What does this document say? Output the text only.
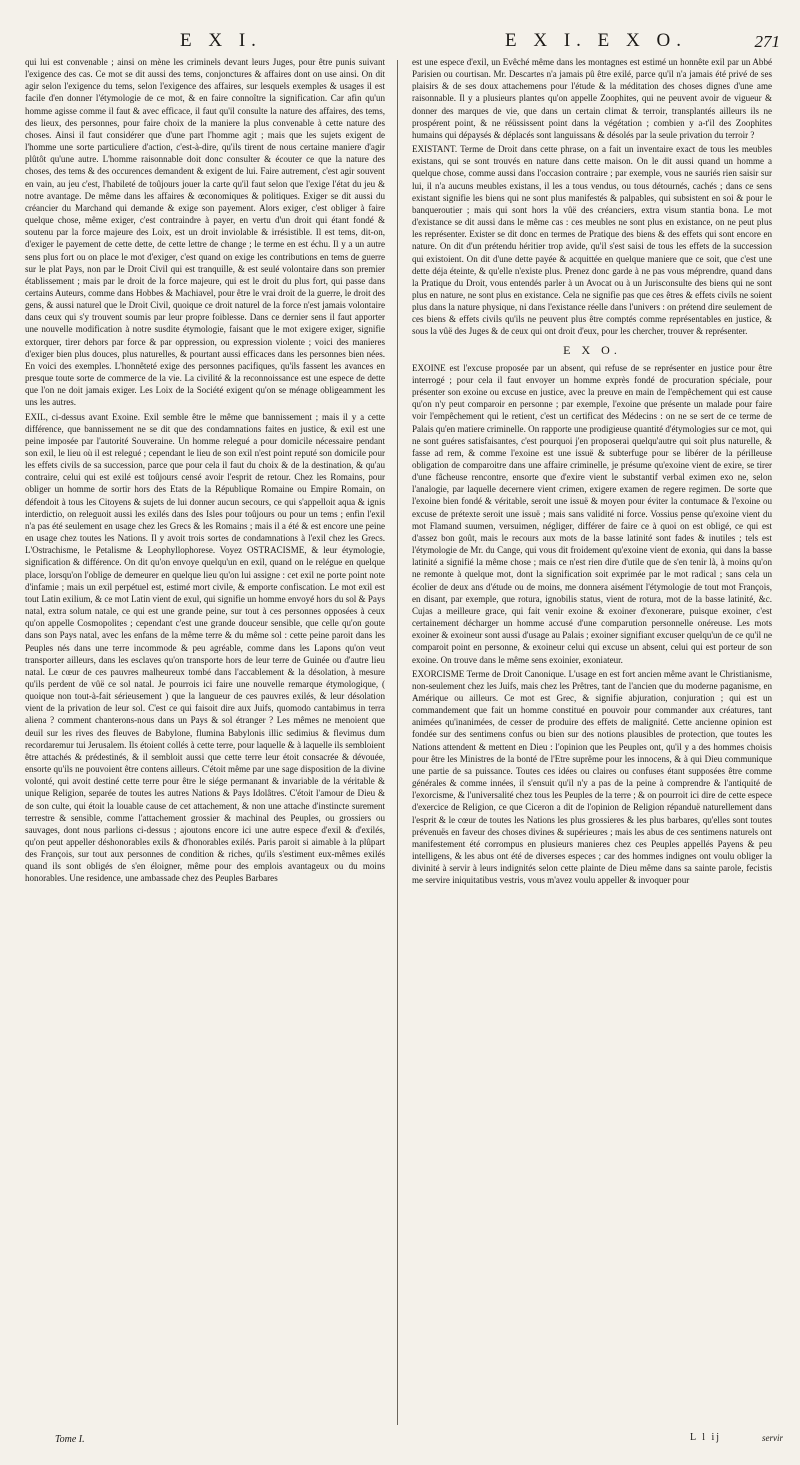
E X I.	E X I. E X O.	271

qui lui est convenable ; ainsi on mène les criminels devant leurs Juges, pour être punis suivant l'exigence des cas. Ce mot se dit aussi des tems, conjonctures & affaires dont on use ainsi. On dit agir selon l'exigence du tems, selon l'exigence des affaires, sur lesquels exemples & usages il est facile d'en donner l'étymologie de ce mot, & en faire connoître la signification. Car afin qu'un homme agisse comme il faut & avec efficace, il faut qu'il consulte la nature des affaires, des tems, des lieux, des personnes, pour faire choix de la maniere la plus convenable à cette nature des choses. Ainsi il faut considérer que d'une part l'homme agit ; mais que les sujets exigent de l'homme une sorte particuliere d'action, c'est-à-dire, qu'ils tirent de nous certaine maniere d'agir plûtôt qu'une autre. L'homme raisonnable doit donc consulter & écouter ce que la nature des choses, des tems & des occurences demandent & exigent de lui. Faire autrement, c'est agir souvent en vain, au jeu c'est, l'habileté de toûjours jouer la carte qu'il faut selon que l'exige l'état du jeu & notre avantage. De même dans les affaires & œconomiques & politiques. Exiger se dit aussi du créancier du Marchand qui demande & exige son payement. Alors exiger, c'est obliger à faire quelque chose, même exiger, c'est contraindre à payer, en vertu d'un droit qui étant fondé & soutenu par la force majeure des Loix, est un droit inviolable & irrésistible. Il est tems, dit-on, d'exiger le payement de cette dette, de cette lettre de change ; le terme en est échu. Il y a un autre sens plus fort ou on place le mot d'exiger, c'est quand on exige les contributions en tems de guerre sur le plat Pays, non par le Droit Civil qui est tranquille, & est seulé volontaire dans son premier établissement ; mais par le droit de la force majeure, qui est le droit du plus fort, qui passe dans certains Auteurs, comme dans Hobbes & Machiavel, pour être le vrai droit de la guerre, le droit des gens, & aussi naturel que le Droit Civil, quoique ce droit naturel de la force n'est jamais volontaire dans ceux qui s'y trouvent soumis par leur propre foiblesse. Dans ce dernier sens il faut apporter une nouvelle modification à notre susdite étymologie, faisant que le mot exigere exiger, signifie extorquer, tirer dehors par force & par oppression, ou expression violente ; voici des manieres d'exiger bien plus douces, plus naturelles, & pourtant aussi efficaces dans les personnes bien nées. En voici des exemples. L'honnêteté exige des personnes pacifiques, qu'ils fassent les avances en presque toute sorte de commerce de la vie. La civilité & la reconnoissance est une espece de dette que l'on ne doit jamais exiger. Les Loix de la Société exigent qu'on se ménage obligeamment les uns les autres.

EXIL, ci-dessus avant Exoine. Exil semble être le même que bannissement ; mais il y a cette différence, que bannissement ne se dit que des condamnations faites en justice, & exil est une peine imposée par l'autorité Souveraine. Un homme relegué a pour domicile nécessaire pendant son exil, le lieu où il est relegué ; cependant le lieu de son exil n'est point reputé son domicile pour les effets civils de sa succession, parce que pour cela il faut du choix & de la destination, & qu'au contraire, celui qui est exilé est toûjours censé avoir l'esprit de retour. Chez les Romains, pour obliger un homme de sortir hors des Etats de la République Romaine ou Empire Romain, on défendoit à tous les Citoyens & sujets de lui donner aucun secours, ce qui s'appelloit aqua & ignis interdictio, on releguoit aussi les exilés dans des Isles pour toûjours ou pour un tems ; enfin l'exil n'a pas été seulement en usage chez les Grecs & les Romains ; mais il a été & est encore une peine en usage chez toutes les Nations. Il y avoit trois sortes de condamnations à l'exil chez les Grecs. L'Ostrachisme, le Petalisme & Leophyllophorese. Voyez OSTRACISME, & leur étymologie, signification & différence. On dit qu'on envoye quelqu'un en exil, quand on le relégue en quelque place, lorsqu'on l'oblige de demeurer en quelque lieu qu'on lui assigne : cet exil ne porte point note d'infamie ; mais un exil perpétuel est, estimé mort civile, & emporte confiscation. Le mot exil est tout Latin exilium, & ce mot Latin vient de exul, qui signifie un homme envoyé hors du sol & Pays natal, extra solum natale, ce qui est une grande peine, sur tout à ces personnes opposées à ceux qu'on appelle Cosmopolites ; cependant c'est une grande douceur sensible, que celle qu'on goute dans son Pays natal, avec les enfans de la même terre & du même sol : cette peine paroit dans les Peuples nés dans une terre incommode & peu agréable, comme dans les Lapons qu'on veut transporter ailleurs, dans les esclaves qu'on transporte hors de leur terre de Guinée ou d'autre lieu natal. Le cœur de ces pauvres malheureux tombé dans l'accablement & la désolation, à mesure qu'ils perdent de vûë ce sol natal. Je pourrois ici faire une nouvelle remarque étymologique, ( quoique non tout-à-fait sérieusement ) que la langueur de ces pauvres exilés, & leur désolation vient de la privation de leur sol. C'est ce qui faisoit dire aux Juifs, quomodo cantabimus in terra aliena ? comment chanterons-nous dans un Pays & sol étranger ? Les mêmes ne menoient que deuil sur les rives des fleuves de Babylone, flumina Babylonis illic sedimius & flevimus dum recordaremur tui Jerusalem. Ils étoient collés à cette terre, pour laquelle & à laquelle ils sembloient être attachés & prédestinés, & il sembloit aussi que cette terre leur étoit consacrée & dévouée, ensorte qu'ils ne pouvoient être contens ailleurs. C'étoit même par une sage disposition de la divine volonté, qui avoit destiné cette terre pour être le siége permanant & invariable de la véritable & unique Religion, separée de toutes les autres Nations & Pays Idolâtres. C'étoit l'amour de Dieu & de son culte, qui étoit la louable cause de cet attachement, & non une attache d'instincte surement terrestre & sensible, comme l'attachement grossier & machinal des Peuples, ou grossiers ou sauvages, dont nous parlions ci-dessus ; ajoutons encore ici une autre espece d'exil & d'exilés, qu'on peut appeller déshonorables exils & d'honorables exilés. Paris paroit si aimable à la plûpart des François, sur tout aux personnes de condition & riches, qu'ils s'estiment eux-mêmes exilés quand ils sont obligés de s'en éloigner, même pour des emplois avantageux ou du moins honorables. Une residence, une ambassade chez des Peuples Barbares

est une espece d'exil, un Evêché même dans les montagnes est estimé un honnête exil par un Abbé Parisien ou courtisan. Mr. Descartes n'a jamais pû être exilé, parce qu'il n'a jamais été privé de ses plaisirs & de ses doux attachemens pour l'étude & la méditation des choses dignes d'une ame raisonnable. Il y a plusieurs plantes qu'on appelle Zoophites, qui ne peuvent avoir de vigueur & donner des marques de vie, que dans un certain climat & terroir, transplantés ailleurs ils ne prospérent point, & ne réüssissent point dans la végétation ; combien y a-t'il des Zoophites humains qui dépaysés & déplacés sont languissans & désolés par la seule privation du terroir ?

EXISTANT. Terme de Droit dans cette phrase, on a fait un inventaire exact de tous les meubles existans, qui se sont trouvés en nature dans cette maison. On le dit aussi quand un homme a quelque chose, comme aussi dans l'occasion contraire ; par exemple, vous ne sauriés rien saisir sur lui, il n'a aucuns meubles existans, il les a tous vendus, ou tous détournés, cachés ; dans ce sens existant signifie les biens qui ne sont plus manifestés & palpables, qui subsistent en soi & pour le banqueroutier ; mais qui sont hors la vûë des créanciers, extra visum stantia bona. Le mot d'existance se dit aussi dans le même cas : ces meubles ne sont plus en existance, on ne peut plus les représenter. Exister se dit donc en termes de Pratique des biens & des effets qui sont encore en nature. On dit d'un prétendu héritier trop avide, qu'il s'est saisi de tous les effets de la succession qui existoient. On dit d'une dette payée & acquittée en quelque maniere que ce soit, que c'est une dette déja éteinte, & qu'elle n'existe plus. Prenez donc garde à ne pas vous méprendre, quand dans la Pratique du Droit, vous entendés parler à un Avocat ou à un Jurisconsulte des biens qui ne sont plus en nature, ne sont plus en existance. Cela ne signifie pas que ces êtres & effets civils ne soient plus dans la nature physique, ni dans l'existance réelle dans l'univers : on prétend dire seulement de ces biens & effets civils qu'ils ne peuvent plus être comptés comme représentables en justice, & sous la vûë des Juges & de ceux qui ont droit d'eux, pour les chercher, trouver & représenter.

E X O.

EXOINE est l'excuse proposée par un absent, qui refuse de se représenter en justice pour être interrogé ; pour cela il faut envoyer un homme exprès fondé de procuration spéciale, pour présenter son exoine ou excuse en justice, avec la preuve en main de l'empêchement qui est cause qu'on n'y peut comparoir en personne ; par exemple, l'exoine que présente un malade pour faire voir l'empêchement qui le retient, c'est un certificat des Médecins : on ne se sert de ce terme de Palais qu'en matiere criminelle. On rapporte une prodigieuse quantité d'étymologies sur ce mot, qui ne sont guéres satisfaisantes, c'est pourquoi j'en proposerai quelqu'autre qui soit plus naturelle, & fasse ad rem, & comme l'exoine est une issuë & subterfuge pour se libérer de la périlleuse obligation de comparoitre dans une affaire criminelle, je présume qu'exoine vient de exire, se tirer d'une fâcheuse rencontre, ensorte que d'exire vient le substantif verbal eximen exo ne, selon l'analogie, par laquelle decernere vient crimen, exigere examen de regere regimen. De sorte que l'exoine bien fondé & véritable, seroit une issuë & moyen pour éviter la contumace & l'exoine ou excuse de prétexte seroit une issuë ; mais sans validité ni force. Vossius pense qu'exoine vient du mot Flamand suumen, versuimen, négliger, différer de faire ce à quoi on est obligé, ce qui est d'assez bon goût, mais le recours aux mots de la basse latinité sont fades & inutiles ; tels est l'étymologie de Mr. du Cange, qui vous dit froidement qu'exoine vient de exonia, qui dans la basse latinité a signifié la même chose ; mais ce n'est rien dire d'utile que de s'en tenir là, à moins qu'on ne remonte à quelque mot, dont la signification soit exprimée par le mot radical ; sans cela un écolier de deux ans d'étude ou de moins, me donnera aisément l'étymologie de tout mot François, en disant, par exemple, que rotura, ignobilis status, vient de rotura, mot de la basse latinité, &c. Cujas a meilleure grace, qui fait venir exoine & exoiner d'exonerare, puisque exoiner, c'est certainement décharger un homme accusé d'une comparution personnelle onéreuse. Les mots exoiner & exoineur sont aussi d'usage au Palais ; exoiner signifiant excuser quelqu'un de ce qu'il ne comparoit point en personne, & exoineur celui qui excuse un absent, celui qui est porteur de son exoine. On trouve dans le même sens exoinier, exoniateur.

EXORCISME Terme de Droit Canonique. L'usage en est fort ancien même avant le Christianisme, non-seulement chez les Juifs, mais chez les Prêtres, tant de l'ancien que du moderne paganisme, en Amérique ou ailleurs. Ce mot est Grec, & signifie abjuration, conjuration ; qui est un commandement que fait un homme constitué en pouvoir pour commander aux créatures, tant animées qu'inanimées, de cesser de produire des effets de malignité. Cette ancienne opinion est fondée sur des sentimens confus ou bien sur des notions plausibles de protection, que toutes les Nations attendent & mettent en Dieu : l'opinion que les Peuples ont, qu'il y a des hommes choisis pour être les Ministres de la bonté de l'Etre suprême pour les innocens, & à qui Dieu communique une partie de sa puissance. Toutes ces idées ou claires ou confuses étant supposées être comme générales & comme innées, il s'ensuit qu'il n'y a pas de la peine à comprendre & l'antiquité de l'exorcisme, & l'universalité chez tous les Peuples de la terre ; & on pourroit ici dire de cette espece d'exercice de Religion, ce que Ciceron a dit de l'opinion de Religion répanduë naturellement dans l'esprit & le cœur de toutes les Nations les plus grossieres & les plus barbares, qu'elles sont toutes prévenuës en faveur des choses divines & supérieures ; mais les abus de ces sentimens naturels ont manifestement été corrompus en plusieurs manieres chez ces Peuples appellés Payens & peu intelligens, & les abus ont été de diverses especes ; car des hommes indignes ont voulu obliger la divinité à servir à leurs indignités selon cette plainte de Dieu même dans sa sainte parole, fecistis me servire iniquitatibus vestris, vous m'avez voulu appeller & invoquer pour

Tome I.	L l ij	servir
